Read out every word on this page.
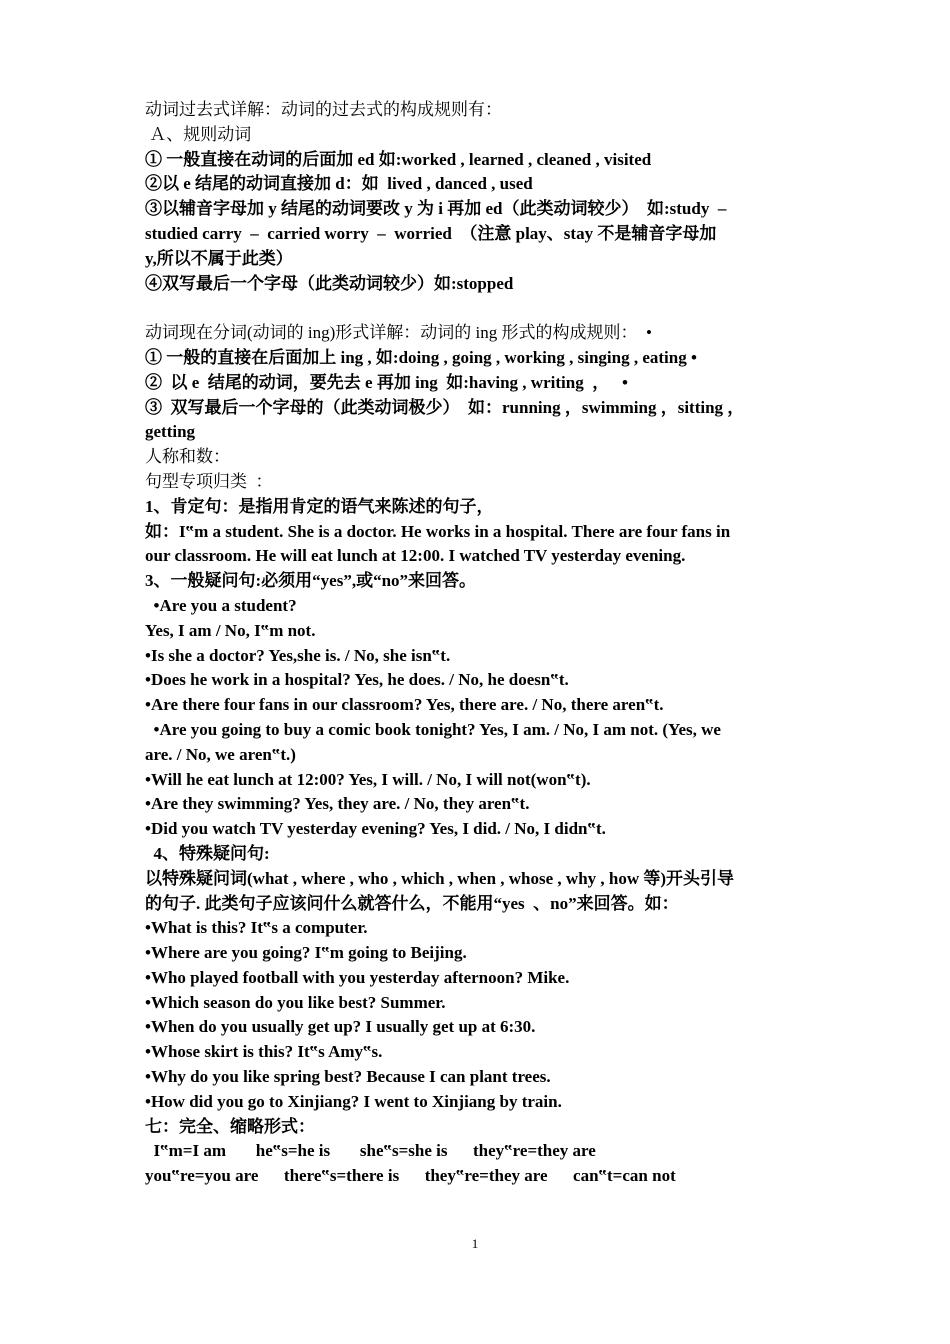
动词过去式详解：动词的过去式的构成规则有：
Ａ、规则动词
① 一般直接在动词的后面加 ed 如:worked , learned , cleaned , visited
②以 e 结尾的动词直接加 d：如  lived , danced , used
③以辅音字母加 y 结尾的动词要改 y 为 i 再加 ed（此类动词较少）  如:study  –
studied carry  –  carried worry  –  worried  （注意 play、stay 不是辅音字母加
y,所以不属于此类）
④双写最后一个字母（此类动词较少）如:stopped
动词现在分词(动词的 ing)形式详解：动词的 ing 形式的构成规则：  •
① 一般的直接在后面加上 ing , 如:doing , going , working , singing , eating •
②  以 e  结尾的动词，要先去 e 再加 ing  如:having , writing  ，   •
③  双写最后一个字母的（此类动词极少）  如：running ，swimming ，sitting ，
getting
人称和数：
句型专项归类  ：
1、肯定句：是指用肯定的语气来陈述的句子，
如：I‟m a student. She is a doctor. He works in a hospital. There are four fans in
our classroom. He will eat lunch at 12:00. I watched TV yesterday evening.
3、一般疑问句:必须用“yes”,或“no”来回答。
•Are you a student?
Yes, I am / No, I‟m not.
•Is she a doctor? Yes,she is. / No, she isn‟t.
•Does he work in a hospital? Yes, he does. / No, he doesn‟t.
•Are there four fans in our classroom? Yes, there are. / No, there aren‟t.
•Are you going to buy a comic book tonight? Yes, I am. / No, I am not. (Yes, we
are. / No, we aren‟t.)
•Will he eat lunch at 12:00? Yes, I will. / No, I will not(won‟t).
•Are they swimming? Yes, they are. / No, they aren‟t.
•Did you watch TV yesterday evening? Yes, I did. / No, I didn‟t.
4、特殊疑问句:
以特殊疑问词(what , where , who , which , when , whose , why , how 等)开头引导
的句子. 此类句子应该问什么就答什么，不能用“yes  、no”来回答。如：
•What is this? It‟s a computer.
•Where are you going? I‟m going to Beijing.
•Who played football with you yesterday afternoon? Mike.
•Which season do you like best? Summer.
•When do you usually get up? I usually get up at 6:30.
•Whose skirt is this? It‟s Amy‟s.
•Why do you like spring best? Because I can plant trees.
•How did you go to Xinjiang? I went to Xinjiang by train.
七：完全、缩略形式：
I‟m=I am       he‟s=he is       she‟s=she is      they‟re=they are
you‟re=you are      there‟s=there is      they‟re=they are      can‟t=can not
1
